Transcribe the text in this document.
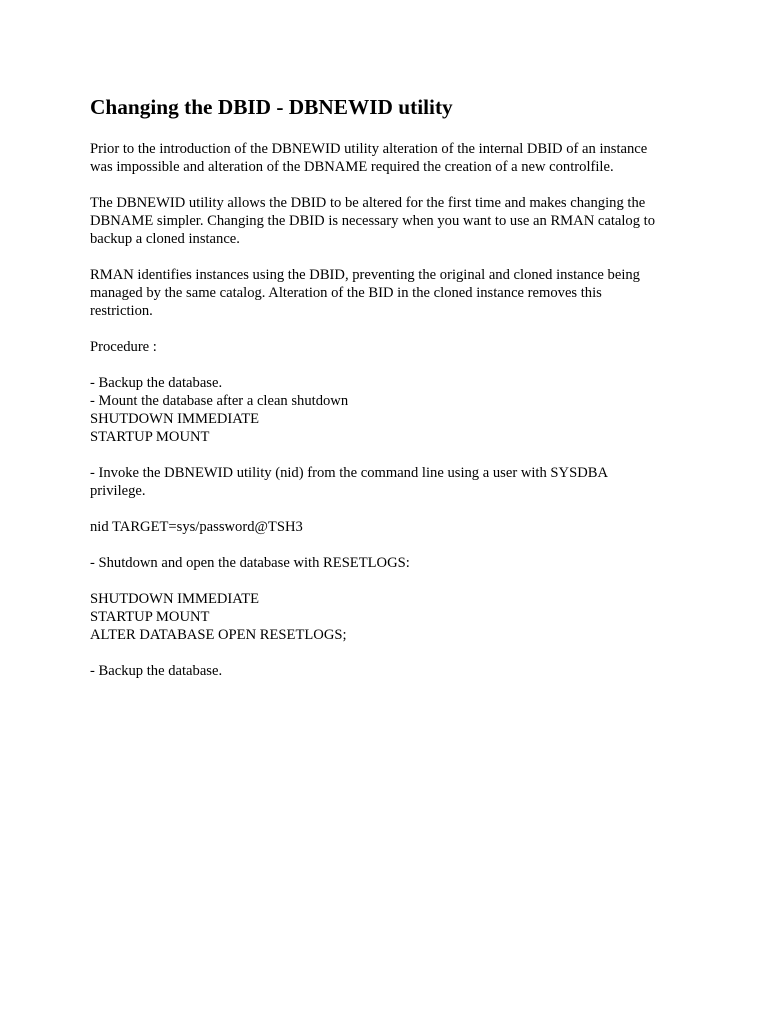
Changing the DBID - DBNEWID utility

Prior to the introduction of the DBNEWID utility alteration of the internal DBID of an instance
was impossible and alteration of the DBNAME required the creation of a new controlfile.

The DBNEWID utility allows the DBID to be altered for the first time and makes changing the
DBNAME simpler. Changing the DBID is necessary when you want to use an RMAN catalog to
backup a cloned instance.

RMAN identifies instances using the DBID, preventing the original and cloned instance being
managed by the same catalog. Alteration of the BID in the cloned instance removes this
restriction.

Procedure :

- Backup the database.
- Mount the database after a clean shutdown
SHUTDOWN IMMEDIATE
STARTUP MOUNT

- Invoke the DBNEWID utility (nid) from the command line using a user with SYSDBA
privilege.

nid TARGET=sys/password@TSH3

- Shutdown and open the database with RESETLOGS:

SHUTDOWN IMMEDIATE
STARTUP MOUNT
ALTER DATABASE OPEN RESETLOGS;

- Backup the database.
